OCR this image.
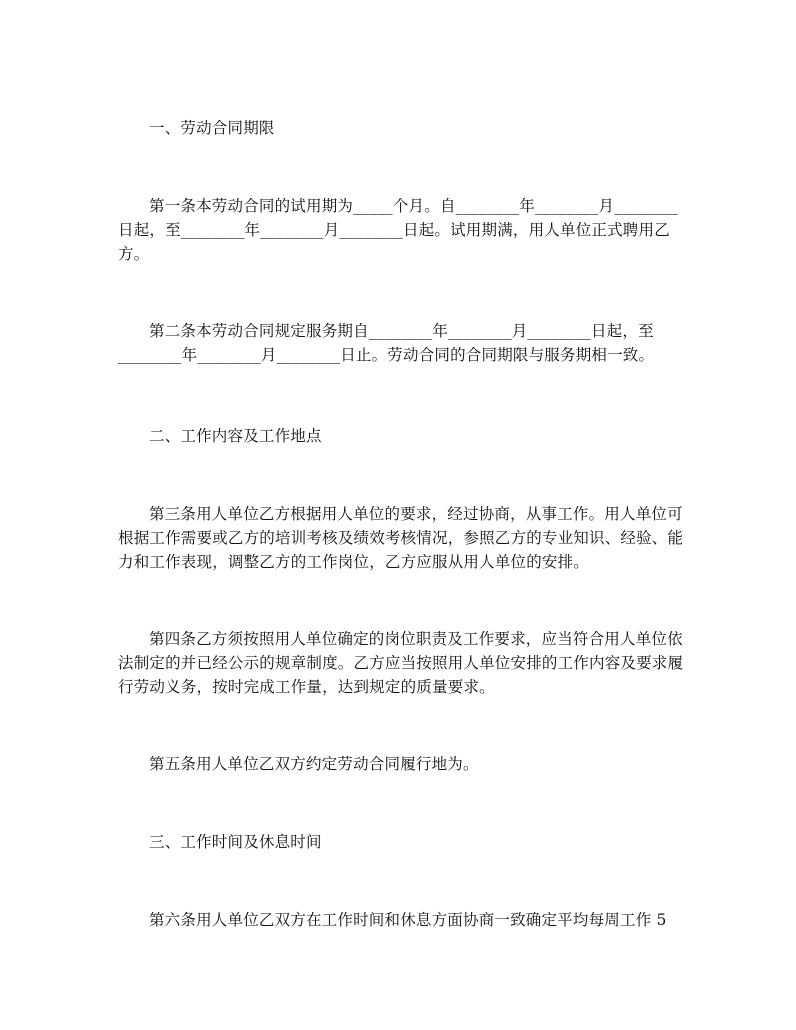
一、劳动合同期限
第一条本劳动合同的试用期为_____个月。自________年________月________
日起，至________年________月________日起。试用期满，用人单位正式聘用乙
方。
第二条本劳动合同规定服务期自________年________月________日起，至
________年________月________日止。劳动合同的合同期限与服务期相一致。
二、工作内容及工作地点
第三条用人单位乙方根据用人单位的要求，经过协商，从事工作。用人单位可
根据工作需要或乙方的培训考核及绩效考核情况，参照乙方的专业知识、经验、能
力和工作表现，调整乙方的工作岗位，乙方应服从用人单位的安排。
第四条乙方须按照用人单位确定的岗位职责及工作要求，应当符合用人单位依
法制定的并已经公示的规章制度。乙方应当按照用人单位安排的工作内容及要求履
行劳动义务，按时完成工作量，达到规定的质量要求。
第五条用人单位乙双方约定劳动合同履行地为。
三、工作时间及休息时间
第六条用人单位乙双方在工作时间和休息方面协商一致确定平均每周工作 5
